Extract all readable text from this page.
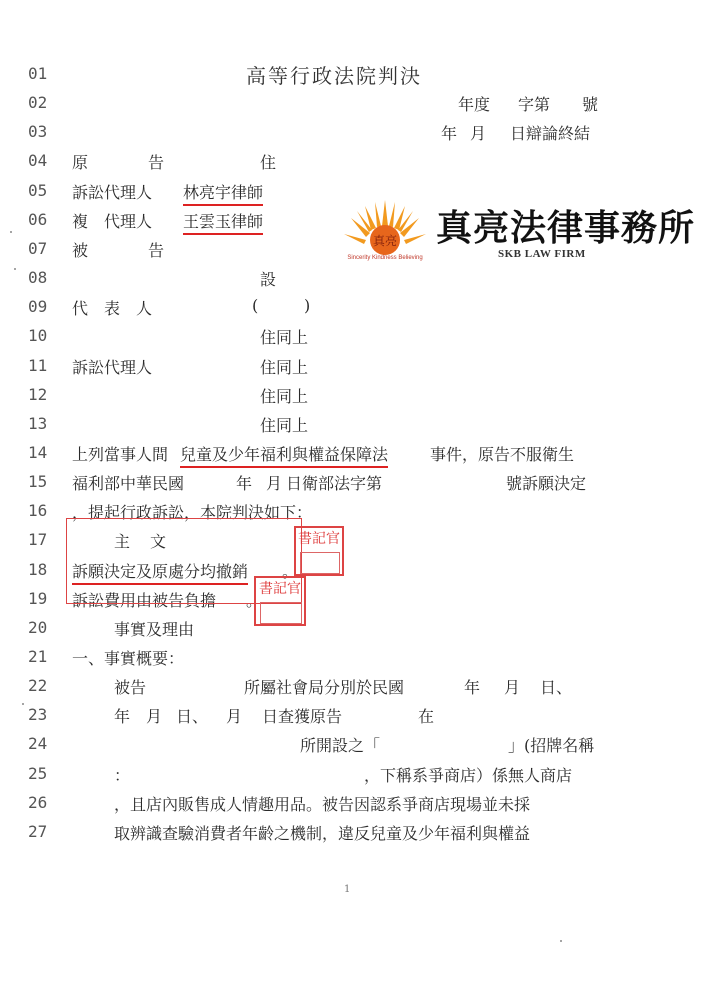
高等行政法院判決
01
02	年度 字第 號
03	年 月 日辯論終結
04	原	告	住
05	訴訟代理人 林亮宇律師
06	複　代理人 王雲玉律師
07	被	告
08	設
09	代　表　人	(	)
10	住同上
11	訴訟代理人	住同上
12	住同上
13	住同上
14	上列當事人間 兒童及少年福利與權益保障法	事件，原告不服衛生
15	福利部中華民國	年 月 日衛部法字第	號訴願決定
16	，提起行政訴訟，本院判決如下：
17	主 文
18	訴願決定及原處分均撤銷 。
19	訴訟費用由被告負擔 。
20	事實及理由
21	一、事實概要：
22	被告	所屬社會局分別於民國	年 月 日、
23	年 月 日、 月 日查獲原告	在
24	所開設之「	」(招牌名稱
25	：	，下稱系爭商店）係無人商店
26	，且店內販售成人情趣用品。被告因認系爭商店現場並未採
27	取辨識查驗消費者年齡之機制，違反兒童及少年福利與權益
書記官
書記官
真亮
Sincerity Kindness Believing
真亮法律事務所
SKB LAW FIRM
1
